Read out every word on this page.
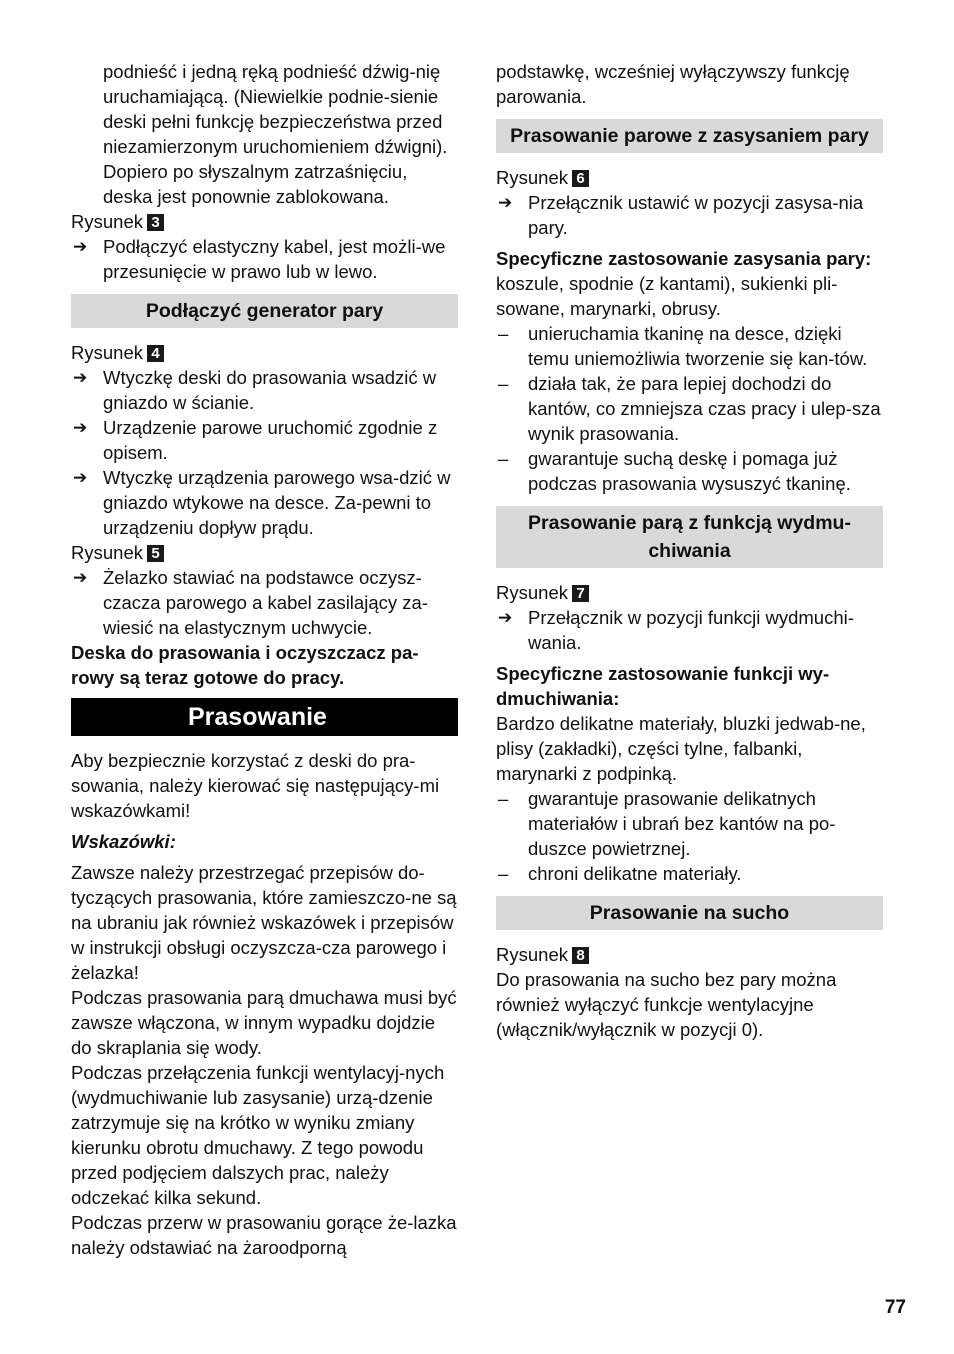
podnieść i jedną ręką podnieść dźwig-nię uruchamiającą. (Niewielkie podnie-sienie deski pełni funkcję bezpieczeństwa przed niezamierzonym uruchomieniem dźwigni).

Dopiero po słyszalnym zatrzaśnięciu, deska jest ponownie zablokowana.

Rysunek 3

➔ Podłączyć elastyczny kabel, jest możli-we przesunięcie w prawo lub w lewo.

Podłączyć generator pary

Rysunek 4

➔ Wtyczkę deski do prasowania wsadzić w gniazdo w ścianie.

➔ Urządzenie parowe uruchomić zgodnie z opisem.

➔ Wtyczkę urządzenia parowego wsa-dzić w gniazdo wtykowe na desce. Za-pewni to urządzeniu dopływ prądu.

Rysunek 5

➔ Żelazko stawiać na podstawce oczysz-czacza parowego a kabel zasilający za-wiesić na elastycznym uchwycie.

Deska do prasowania i oczyszczacz pa-rowy są teraz gotowe do pracy.

Prasowanie

Aby bezpiecznie korzystać z deski do pra-sowania, należy kierować się następujący-mi wskazówkami!

Wskazówki:

Zawsze należy przestrzegać przepisów do-tyczących prasowania, które zamieszczo-ne są na ubraniu jak również wskazówek i przepisów w instrukcji obsługi oczyszcza-cza parowego i żelazka!

Podczas prasowania parą dmuchawa musi być zawsze włączona, w innym wypadku dojdzie do skraplania się wody.

Podczas przełączenia funkcji wentylacyj-nych (wydmuchiwanie lub zasysanie) urzą-dzenie zatrzymuje się na krótko w wyniku zmiany kierunku obrotu dmuchawy. Z tego powodu przed podjęciem dalszych prac, należy odczekać kilka sekund.

Podczas przerw w prasowaniu gorące że-lazka należy odstawiać na żaroodporną

podstawkę, wcześniej wyłączywszy funkcję parowania.

Prasowanie parowe z zasysaniem pary

Rysunek 6

➔ Przełącznik ustawić w pozycji zasysa-nia pary.

Specyficzne zastosowanie zasysania pary:

koszule, spodnie (z kantami), sukienki pli-sowane, marynarki, obrusy.

– unieruchamia tkaninę na desce, dzięki temu uniemożliwia tworzenie się kan-tów.

– działa tak, że para lepiej dochodzi do kantów, co zmniejsza czas pracy i ulep-sza wynik prasowania.

– gwarantuje suchą deskę i pomaga już podczas prasowania wysuszyć tkaninę.

Prasowanie parą z funkcją wydmu-chiwania

Rysunek 7

➔ Przełącznik w pozycji funkcji wydmuchi-wania.

Specyficzne zastosowanie funkcji wy-dmuchiwania:

Bardzo delikatne materiały, bluzki jedwab-ne, plisy (zakładki), części tylne, falbanki, marynarki z podpinką.

– gwarantuje prasowanie delikatnych materiałów i ubrań bez kantów na po-duszce powietrznej.

– chroni delikatne materiały.

Prasowanie na sucho

Rysunek 8

Do prasowania na sucho bez pary można również wyłączyć funkcje wentylacyjne (włącznik/wyłącznik w pozycji 0).

77
